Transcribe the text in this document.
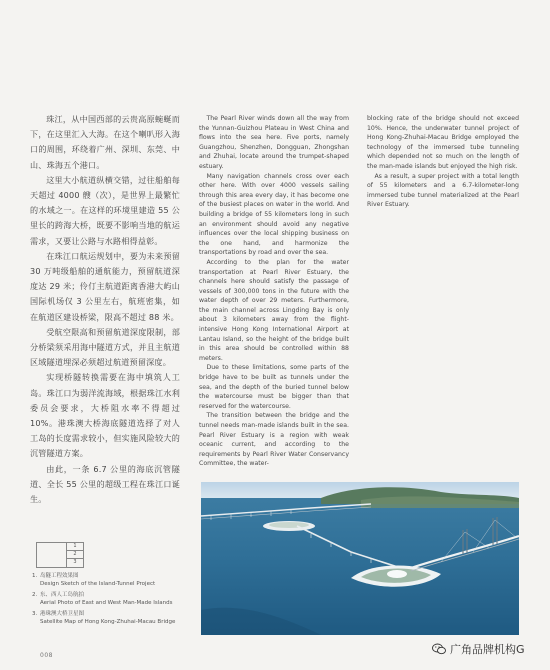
珠江，从中国西部的云贵高原蜿蜒而下，在这里汇入大海。在这个喇叭形入海口的周围，环绕着广州、深圳、东莞、中山、珠海五个港口。

这里大小航道纵横交错，过往船舶每天超过 4000 艘（次），是世界上最繁忙的水域之一。在这样的环境里建造 55 公里长的跨海大桥，既要不影响当地的航运需求，又要让公路与水路相得益彰。

在珠江口航运规划中，要为未来预留 30 万吨级船舶的通航能力，预留航道深度达 29 米；伶仃主航道距离香港大屿山国际机场仅 3 公里左右，航班密集，如在航道区建设桥梁，限高不超过 88 米。

受航空限高和预留航道深度限制，部分桥梁须采用海中隧道方式，并且主航道区域隧道埋深必须超过航道预留深度。

实现桥隧转换需要在海中填筑人工岛。珠江口为弱洋流海域，根据珠江水利委员会要求，大桥阻水率不得超过 10%。港珠澳大桥海底隧道选择了对人工岛的长度需求较小，但实施风险较大的沉管隧道方案。

由此，一条 6.7 公里的海底沉管隧道、全长 55 公里的超级工程在珠江口诞生。

The Pearl River winds down all the way from the Yunnan-Guizhou Plateau in West China and flows into the sea here. Five ports, namely Guangzhou, Shenzhen, Dongguan, Zhongshan and Zhuhai, locate around the trumpet-shaped estuary.

Many navigation channels cross over each other here. With over 4000 vessels sailing through this area every day, it has become one of the busiest places on water in the world. And building a bridge of 55 kilometers long in such an environment should avoid any negative influences over the local shipping business on the one hand, and harmonize the transportations by road and over the sea.

According to the plan for the water transportation at Pearl River Estuary, the channels here should satisfy the passage of vessels of 300,000 tons in the future with the water depth of over 29 meters. Furthermore, the main channel across Lingding Bay is only about 3 kilometers away from the flight-intensive Hong Kong International Airport at Lantau Island, so the height of the bridge built in this area should be controlled within 88 meters.

Due to these limitations, some parts of the bridge have to be built as tunnels under the sea, and the depth of the buried tunnel below the watercourse must be bigger than that reserved for the watercourse.

The transition between the bridge and the tunnel needs man-made islands built in the sea. Pearl River Estuary is a region with weak oceanic current, and according to the requirements by Pearl River Water Conservancy Committee, the water-

blocking rate of the bridge should not exceed 10%. Hence, the underwater tunnel project of Hong Kong-Zhuhai-Macau Bridge employed the technology of the immersed tube tunneling which depended not so much on the length of the man-made islands but enjoyed the high risk.

As a result, a super project with a total length of 55 kilometers and a 6.7-kilometer-long immersed tube tunnel materialized at the Pearl River Estuary.

1
2
3
1. 岛隧工程效果图
Design Sketch of the Island-Tunnel Project
2. 东、西人工岛航拍
Aerial Photo of East and West Man-Made Islands
3. 港珠澳大桥卫星图
Satellite Map of Hong Kong-Zhuhai-Macau Bridge
008	广角品牌机构G
